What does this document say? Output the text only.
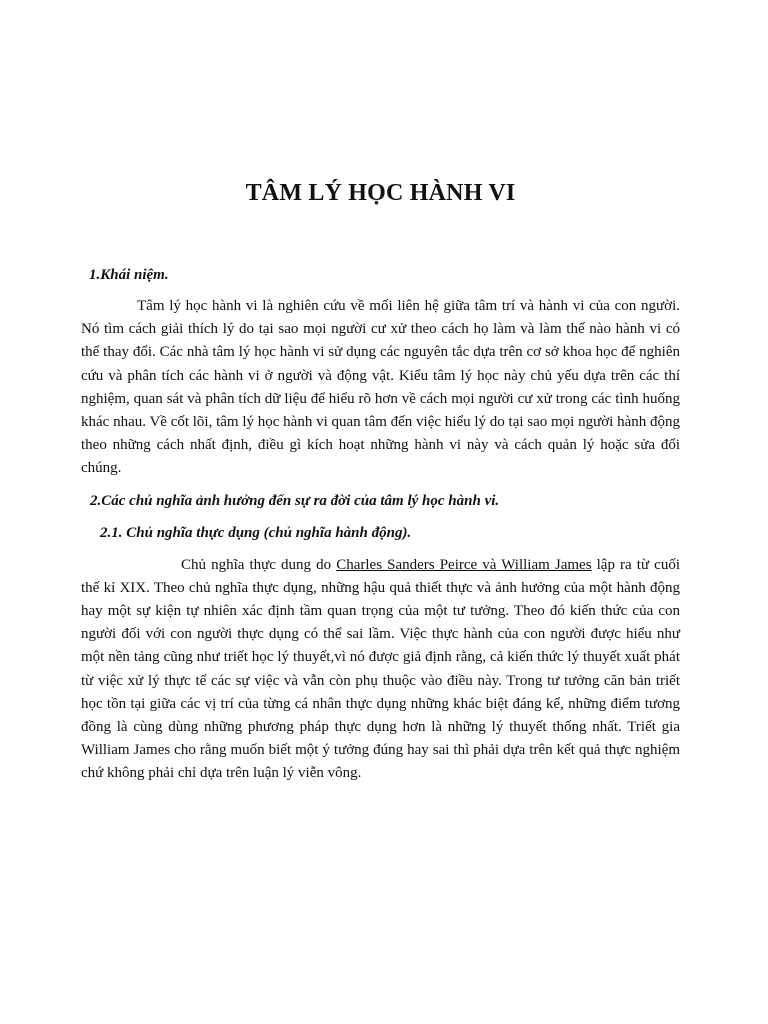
TÂM LÝ HỌC HÀNH VI
1.Khái niệm.

Tâm lý học hành vi là nghiên cứu về mối liên hệ giữa tâm trí và hành vi của con người. Nó tìm cách giải thích lý do tại sao mọi người cư xử theo cách họ làm và làm thế nào hành vi có thể thay đổi. Các nhà tâm lý học hành vi sử dụng các nguyên tắc dựa trên cơ sở khoa học để nghiên cứu và phân tích các hành vi ở người và động vật. Kiểu tâm lý học này chủ yếu dựa trên các thí nghiệm, quan sát và phân tích dữ liệu để hiểu rõ hơn về cách mọi người cư xử trong các tình huống khác nhau. Về cốt lõi, tâm lý học hành vi quan tâm đến việc hiểu lý do tại sao mọi người hành động theo những cách nhất định, điều gì kích hoạt những hành vi này và cách quản lý hoặc sửa đổi chúng.

2.Các chủ nghĩa ảnh hưởng đến sự ra đời của tâm lý học hành vi.
2.1. Chủ nghĩa thực dụng (chủ nghĩa hành động).

Chủ nghĩa thực dung do Charles Sanders Peirce và William James lập ra từ cuối thế kỉ XIX. Theo chủ nghĩa thực dụng, những hậu quả thiết thực và ảnh hưởng của một hành động hay một sự kiện tự nhiên xác định tầm quan trọng của một tư tưởng. Theo đó kiến thức của con người đối với con người thực dụng có thể sai lầm. Việc thực hành của con người được hiểu như một nền tảng cũng như triết học lý thuyết,vì nó được giả định rằng, cả kiến thức lý thuyết xuất phát từ việc xử lý thực tế các sự việc và vẫn còn phụ thuộc vào điều này. Trong tư tưởng căn bản triết học tồn tại giữa các vị trí của từng cá nhân thực dụng những khác biệt đáng kể, những điểm tương đồng là cùng dùng những phương pháp thực dụng hơn là những lý thuyết thống nhất. Triết gia William James cho rằng muốn biết một ý tưởng đúng hay sai thì phải dựa trên kết quả thực nghiệm chứ không phải chỉ dựa trên luận lý viễn vông.
